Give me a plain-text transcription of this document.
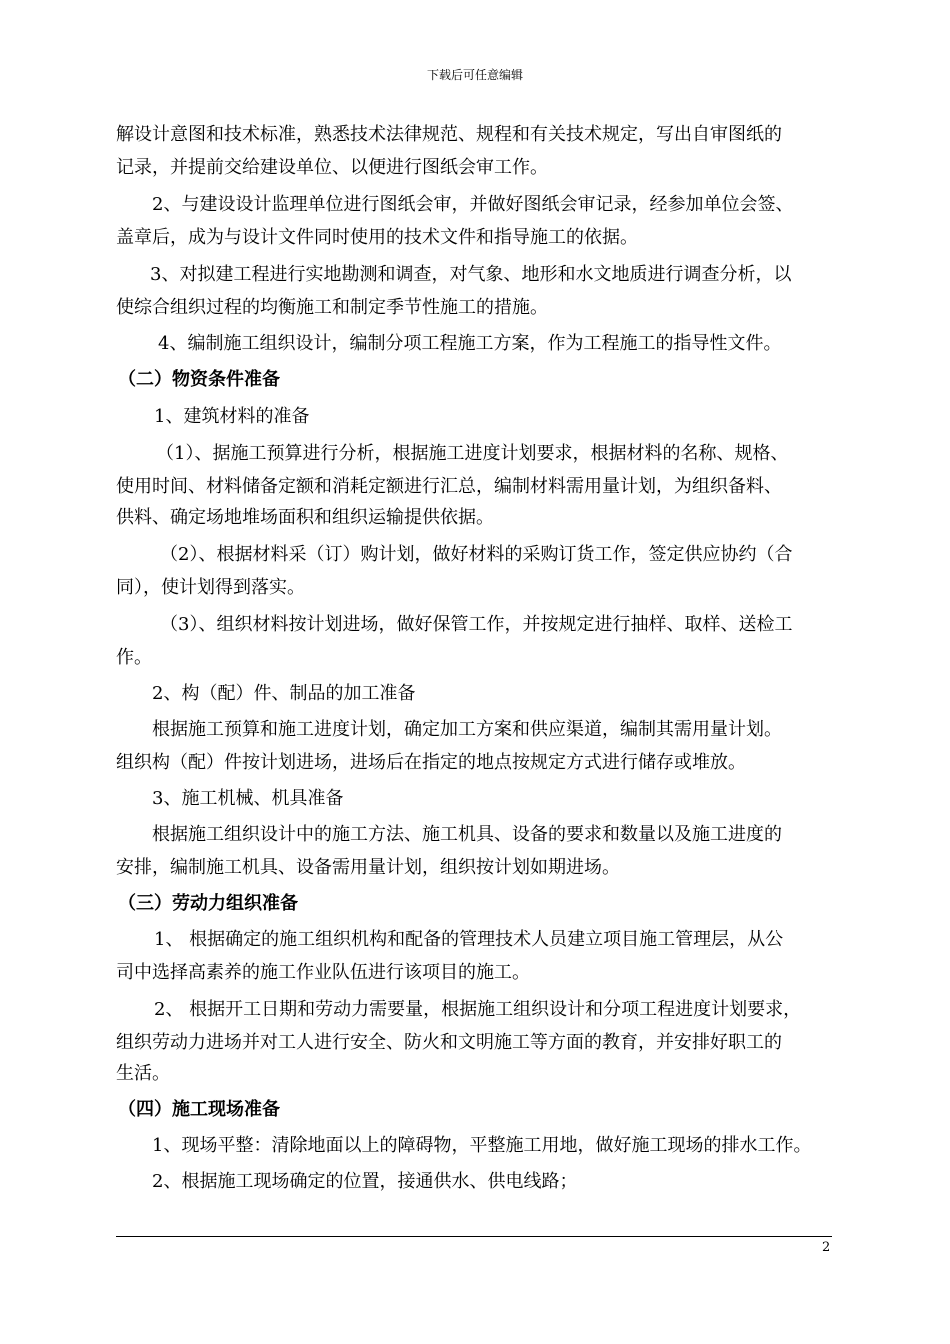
下载后可任意编辑
解设计意图和技术标准，熟悉技术法律规范、规程和有关技术规定，写出自审图纸的
记录，并提前交给建设单位、以便进行图纸会审工作。
2、与建设设计监理单位进行图纸会审，并做好图纸会审记录，经参加单位会签、
盖章后，成为与设计文件同时使用的技术文件和指导施工的依据。
3、对拟建工程进行实地勘测和调查，对气象、地形和水文地质进行调查分析，以
使综合组织过程的均衡施工和制定季节性施工的措施。
4、编制施工组织设计，编制分项工程施工方案，作为工程施工的指导性文件。
（二）物资条件准备
1、建筑材料的准备
（1）、据施工预算进行分析，根据施工进度计划要求，根据材料的名称、规格、
使用时间、材料储备定额和消耗定额进行汇总，编制材料需用量计划，为组织备料、
供料、确定场地堆场面积和组织运输提供依据。
（2）、根据材料采（订）购计划，做好材料的采购订货工作，签定供应协约（合
同），使计划得到落实。
（3）、组织材料按计划进场，做好保管工作，并按规定进行抽样、取样、送检工
作。
2、构（配）件、制品的加工准备
根据施工预算和施工进度计划，确定加工方案和供应渠道，编制其需用量计划。
组织构（配）件按计划进场，进场后在指定的地点按规定方式进行储存或堆放。
3、施工机械、机具准备
根据施工组织设计中的施工方法、施工机具、设备的要求和数量以及施工进度的
安排，编制施工机具、设备需用量计划，组织按计划如期进场。
（三）劳动力组织准备
1、 根据确定的施工组织机构和配备的管理技术人员建立项目施工管理层，从公
司中选择高素养的施工作业队伍进行该项目的施工。
2、 根据开工日期和劳动力需要量，根据施工组织设计和分项工程进度计划要求，
组织劳动力进场并对工人进行安全、防火和文明施工等方面的教育，并安排好职工的
生活。
（四）施工现场准备
1、现场平整：清除地面以上的障碍物，平整施工用地，做好施工现场的排水工作。
2、根据施工现场确定的位置，接通供水、供电线路；
2
